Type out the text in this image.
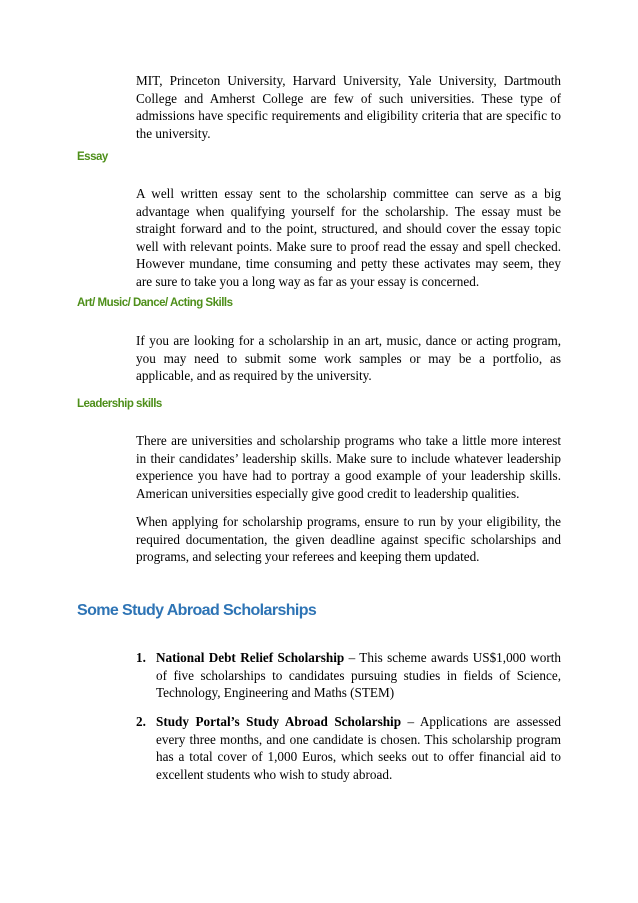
MIT, Princeton University, Harvard University, Yale University, Dartmouth College and Amherst College are few of such universities. These type of admissions have specific requirements and eligibility criteria that are specific to the university.

Essay

A well written essay sent to the scholarship committee can serve as a big advantage when qualifying yourself for the scholarship. The essay must be straight forward and to the point, structured, and should cover the essay topic well with relevant points. Make sure to proof read the essay and spell checked. However mundane, time consuming and petty these activates may seem, they are sure to take you a long way as far as your essay is concerned.

Art/ Music/ Dance/ Acting Skills

If you are looking for a scholarship in an art, music, dance or acting program, you may need to submit some work samples or may be a portfolio, as applicable, and as required by the university.

Leadership skills

There are universities and scholarship programs who take a little more interest in their candidates’ leadership skills. Make sure to include whatever leadership experience you have had to portray a good example of your leadership skills. American universities especially give good credit to leadership qualities.

When applying for scholarship programs, ensure to run by your eligibility, the required documentation, the given deadline against specific scholarships and programs, and selecting your referees and keeping them updated.

Some Study Abroad Scholarships
1. National Debt Relief Scholarship – This scheme awards US$1,000 worth of five scholarships to candidates pursuing studies in fields of Science, Technology, Engineering and Maths (STEM)
2. Study Portal’s Study Abroad Scholarship – Applications are assessed every three months, and one candidate is chosen. This scholarship program has a total cover of 1,000 Euros, which seeks out to offer financial aid to excellent students who wish to study abroad.
